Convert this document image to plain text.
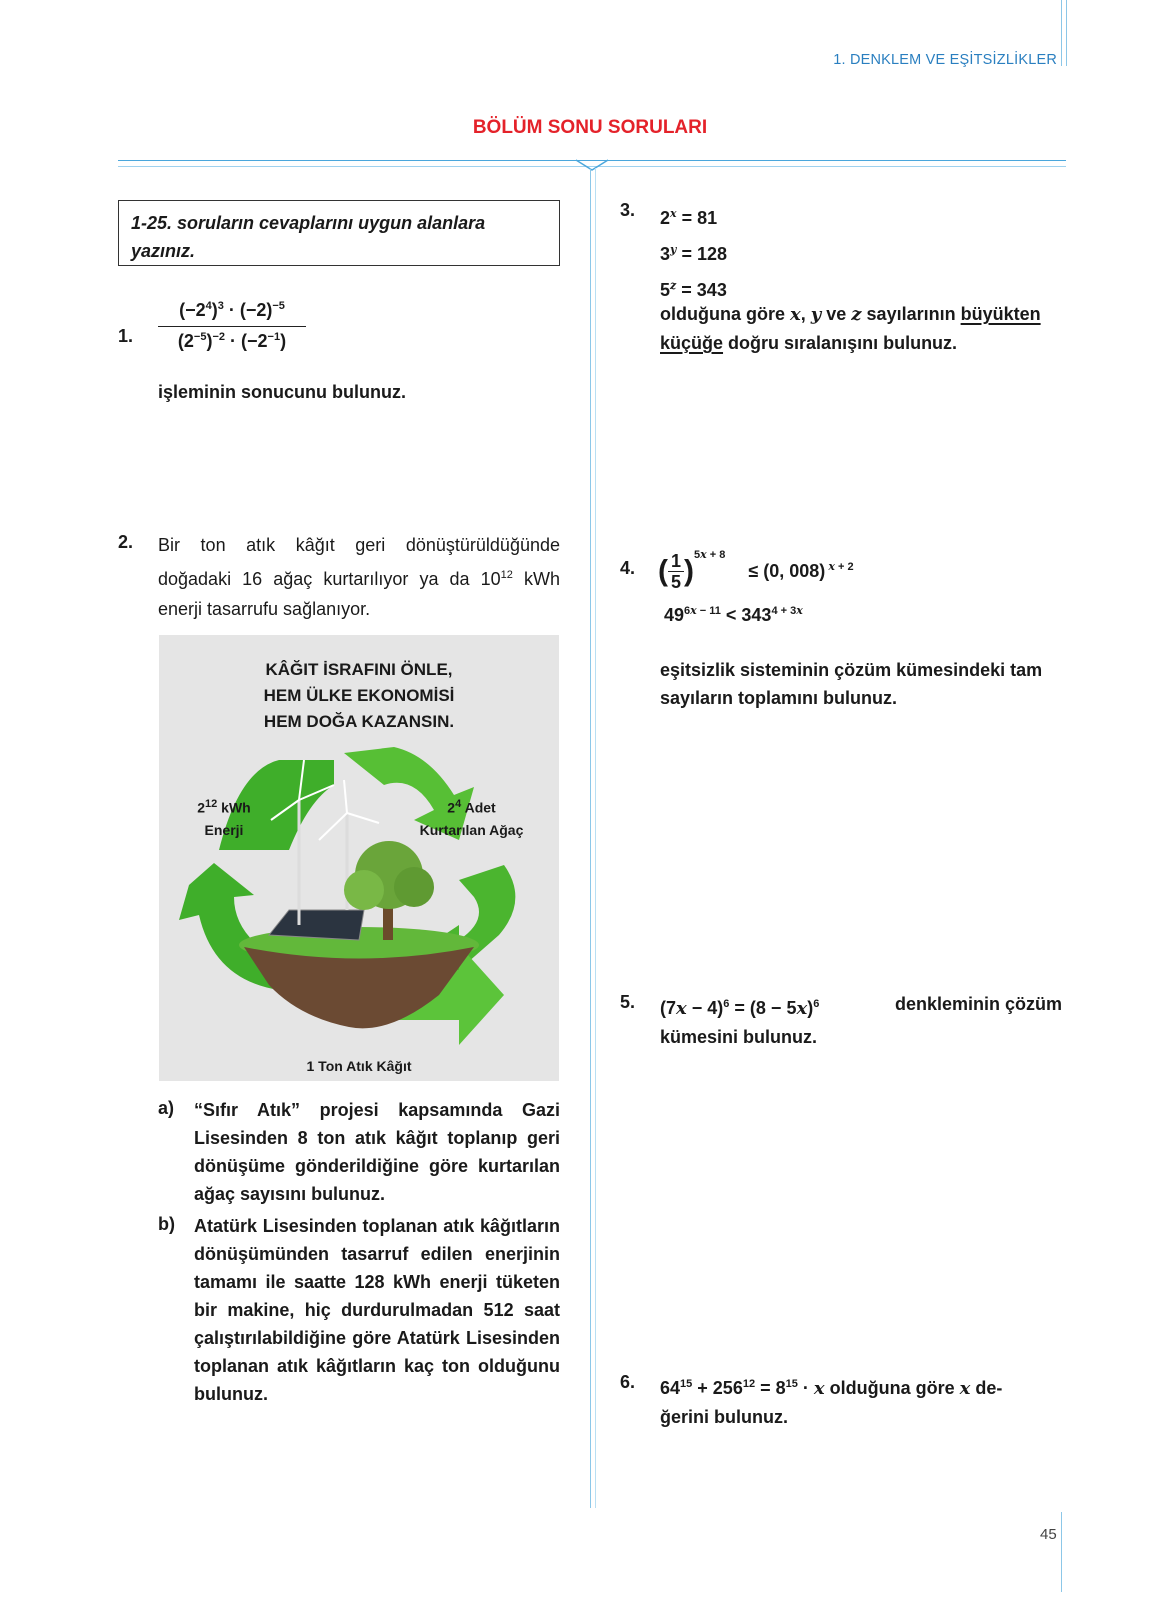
1. DENKLEM VE EŞİTSİZLİKLER
BÖLÜM SONU SORULARI
1-25. soruların cevaplarını uygun alanlara yazınız.
1.
$(-2^4)^3 \cdot (-2)^{-5}$
$(2^{-5})^{-2} \cdot (-2^{-1})$
işleminin sonucunu bulunuz.
2. Bir ton atık kâğıt geri dönüştürüldüğünde doğadaki 16 ağaç kurtarılıyor ya da $10^{12}$ kWh enerji tasarrufu sağlanıyor.
KÂĞIT İSRAFINI ÖNLE,
HEM ÜLKE EKONOMİSİ
HEM DOĞA KAZANSIN.
$2^{12}$ kWh
Enerji
$2^4$ Adet
Kurtarılan Ağaç
1 Ton Atık Kâğıt
a) “Sıfır Atık” projesi kapsamında Gazi Lisesinden 8 ton atık kâğıt toplanıp geri dönüşüme gönderildiğine göre kurtarılan ağaç sayısını bulunuz.
b) Atatürk Lisesinden toplanan atık kâğıtların dönüşümünden tasarruf edilen enerjinin tamamı ile saatte 128 kWh enerji tüketen bir makine, hiç durdurulmadan 512 saat çalıştırılabildiğine göre Atatürk Lisesinden toplanan atık kâğıtların kaç ton olduğunu bulunuz.
3. $2^x = 81$
$3^y = 128$
$5^z = 343$
olduğuna göre x, y ve z sayılarının büyükten küçüğe doğru sıralanışını bulunuz.
4. $(\frac{1}{5})^{5x + 8} \le (0$, 008) $^{x + 2}$
$49^{6x - 11} < 343^{4 + 3x}$
eşitsizlik sisteminin çözüm kümesindeki tam sayıların toplamını bulunuz.
5. $(7x - 4)^6 = (8 - 5x)^6$	denkleminin çözüm
kümesini bulunuz.
6. $64^{15} + 256^{12} = 8^{15} \cdot x$ olduğuna göre x de-
ğerini bulunuz.
45
